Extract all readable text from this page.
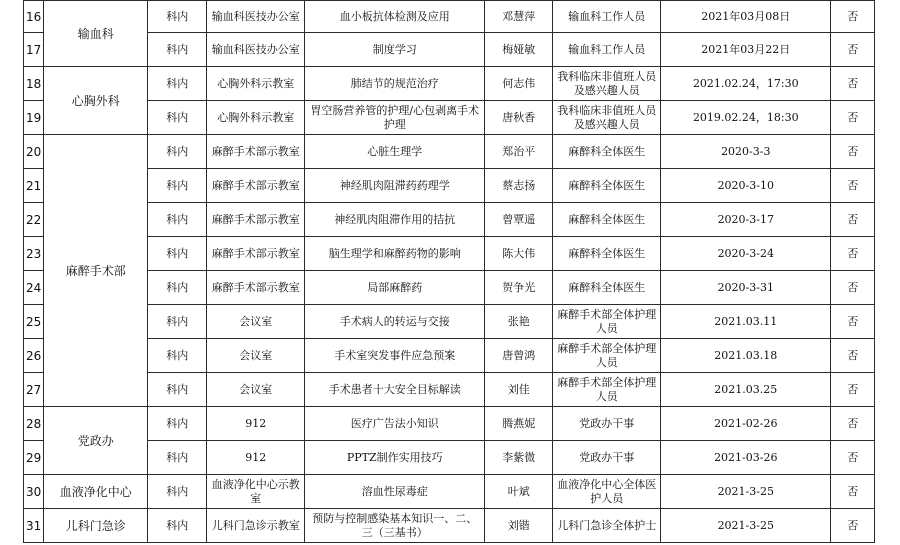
16	输血科	科内	输血科医技办公室	血小板抗体检测及应用	邓慧萍	输血科工作人员	2021年03月08日	否
17		科内	输血科医技办公室	制度学习	梅娅敏	输血科工作人员	2021年03月22日	否
18	心胸外科	科内	心胸外科示教室	肺结节的规范治疗	何志伟	我科临床非值班人员及感兴趣人员	2021.02.24，17:30	否
19		科内	心胸外科示教室	胃空肠营养管的护理/心包剥离手术护理	唐秋香	我科临床非值班人员及感兴趣人员	2019.02.24，18:30	否
20	麻醉手术部	科内	麻醉手术部示教室	心脏生理学	郑治平	麻醉科全体医生	2020-3-3	否
21		科内	麻醉手术部示教室	神经肌肉阻滞药药理学	蔡志扬	麻醉科全体医生	2020-3-10	否
22		科内	麻醉手术部示教室	神经肌肉阻滞作用的拮抗	曾覃遥	麻醉科全体医生	2020-3-17	否
23		科内	麻醉手术部示教室	脑生理学和麻醉药物的影响	陈大伟	麻醉科全体医生	2020-3-24	否
24		科内	麻醉手术部示教室	局部麻醉药	贺争光	麻醉科全体医生	2020-3-31	否
25		科内	会议室	手术病人的转运与交接	张艳	麻醉手术部全体护理人员	2021.03.11	否
26		科内	会议室	手术室突发事件应急预案	唐曾鸿	麻醉手术部全体护理人员	2021.03.18	否
27		科内	会议室	手术患者十大安全目标解读	刘佳	麻醉手术部全体护理人员	2021.03.25	否
28	党政办	科内	912	医疗广告法小知识	腾燕妮	党政办干事	2021-02-26	否
29		科内	912	PPTZ制作实用技巧	李紫微	党政办干事	2021-03-26	否
30	血液净化中心	科内	血液净化中心示教室	溶血性尿毒症	叶斌	血液净化中心全体医护人员	2021-3-25	否
31	儿科门急诊	科内	儿科门急诊示教室	预防与控制感染基本知识一、二、三（三基书）	刘锴	儿科门急诊全体护士	2021-3-25	否
